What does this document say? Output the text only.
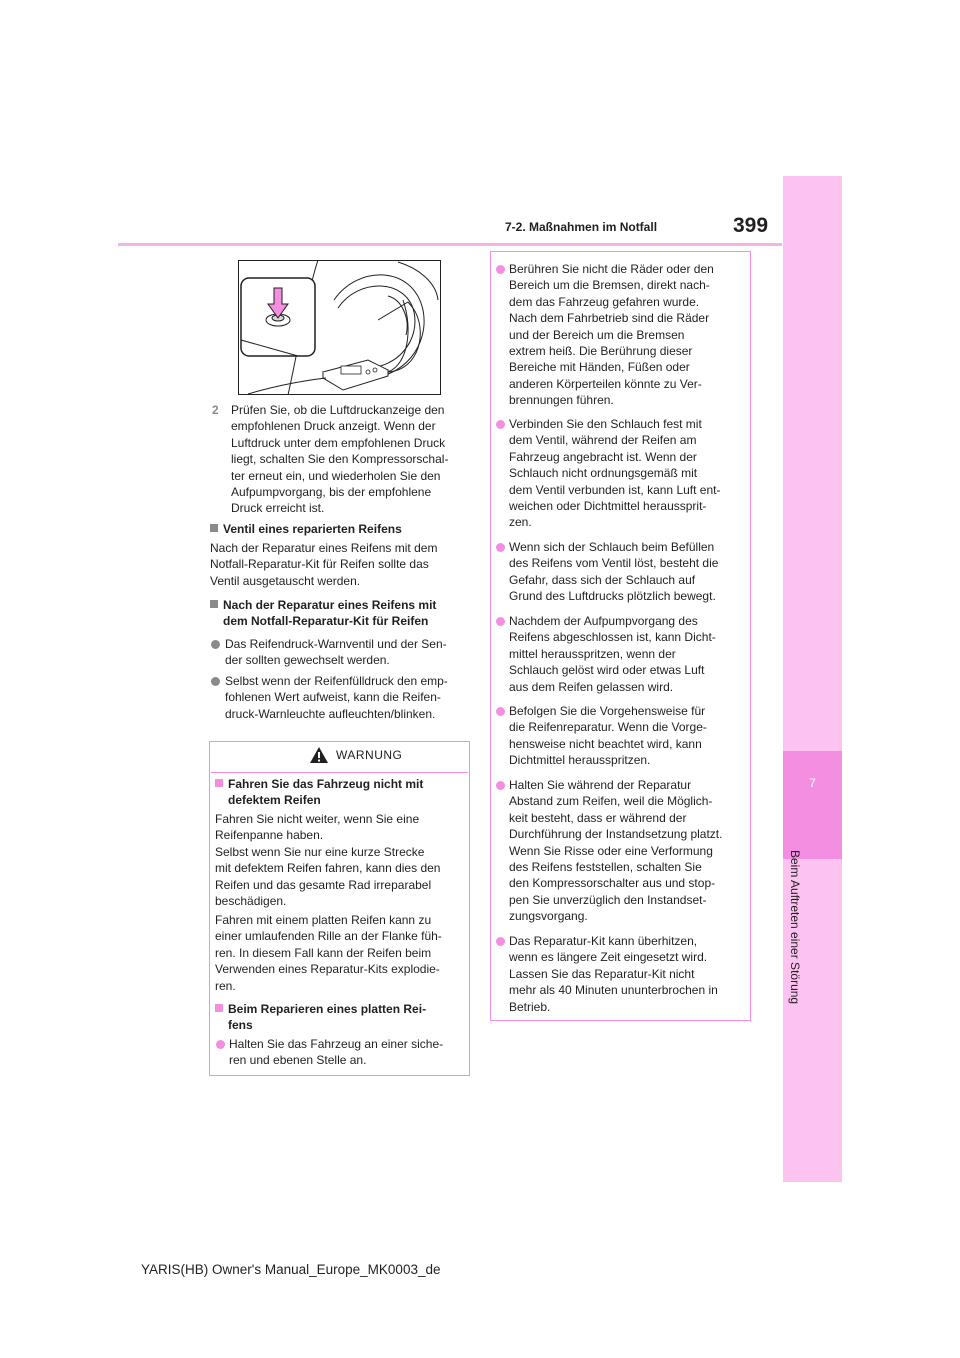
7-2. Maßnahmen im Notfall	399
7
Beim Auftreten einer Störung
2 Prüfen Sie, ob die Luftdruckanzeige den
empfohlenen Druck anzeigt. Wenn der
Luftdruck unter dem empfohlenen Druck
liegt, schalten Sie den Kompressorschal-
ter erneut ein, und wiederholen Sie den
Aufpumpvorgang, bis der empfohlene
Druck erreicht ist.
Ventil eines reparierten Reifens
Nach der Reparatur eines Reifens mit dem
Notfall-Reparatur-Kit für Reifen sollte das
Ventil ausgetauscht werden.
Nach der Reparatur eines Reifens mit
dem Notfall-Reparatur-Kit für Reifen
Das Reifendruck-Warnventil und der Sen-
der sollten gewechselt werden.
Selbst wenn der Reifenfülldruck den emp-
fohlenen Wert aufweist, kann die Reifen-
druck-Warnleuchte aufleuchten/blinken.
WARNUNG
Fahren Sie das Fahrzeug nicht mit
defektem Reifen
Fahren Sie nicht weiter, wenn Sie eine
Reifenpanne haben.
Selbst wenn Sie nur eine kurze Strecke
mit defektem Reifen fahren, kann dies den
Reifen und das gesamte Rad irreparabel
beschädigen.
Fahren mit einem platten Reifen kann zu
einer umlaufenden Rille an der Flanke füh-
ren. In diesem Fall kann der Reifen beim
Verwenden eines Reparatur-Kits explodie-
ren.
Beim Reparieren eines platten Rei-
fens
Halten Sie das Fahrzeug an einer siche-
ren und ebenen Stelle an.
Berühren Sie nicht die Räder oder den
Bereich um die Bremsen, direkt nach-
dem das Fahrzeug gefahren wurde.
Nach dem Fahrbetrieb sind die Räder
und der Bereich um die Bremsen
extrem heiß. Die Berührung dieser
Bereiche mit Händen, Füßen oder
anderen Körperteilen könnte zu Ver-
brennungen führen.
Verbinden Sie den Schlauch fest mit
dem Ventil, während der Reifen am
Fahrzeug angebracht ist. Wenn der
Schlauch nicht ordnungsgemäß mit
dem Ventil verbunden ist, kann Luft ent-
weichen oder Dichtmittel heraussprit-
zen.
Wenn sich der Schlauch beim Befüllen
des Reifens vom Ventil löst, besteht die
Gefahr, dass sich der Schlauch auf
Grund des Luftdrucks plötzlich bewegt.
Nachdem der Aufpumpvorgang des
Reifens abgeschlossen ist, kann Dicht-
mittel herausspritzen, wenn der
Schlauch gelöst wird oder etwas Luft
aus dem Reifen gelassen wird.
Befolgen Sie die Vorgehensweise für
die Reifenreparatur. Wenn die Vorge-
hensweise nicht beachtet wird, kann
Dichtmittel herausspritzen.
Halten Sie während der Reparatur
Abstand zum Reifen, weil die Möglich-
keit besteht, dass er während der
Durchführung der Instandsetzung platzt.
Wenn Sie Risse oder eine Verformung
des Reifens feststellen, schalten Sie
den Kompressorschalter aus und stop-
pen Sie unverzüglich den Instandset-
zungsvorgang.
Das Reparatur-Kit kann überhitzen,
wenn es längere Zeit eingesetzt wird.
Lassen Sie das Reparatur-Kit nicht
mehr als 40 Minuten ununterbrochen in
Betrieb.
YARIS(HB) Owner's Manual_Europe_MK0003_de
